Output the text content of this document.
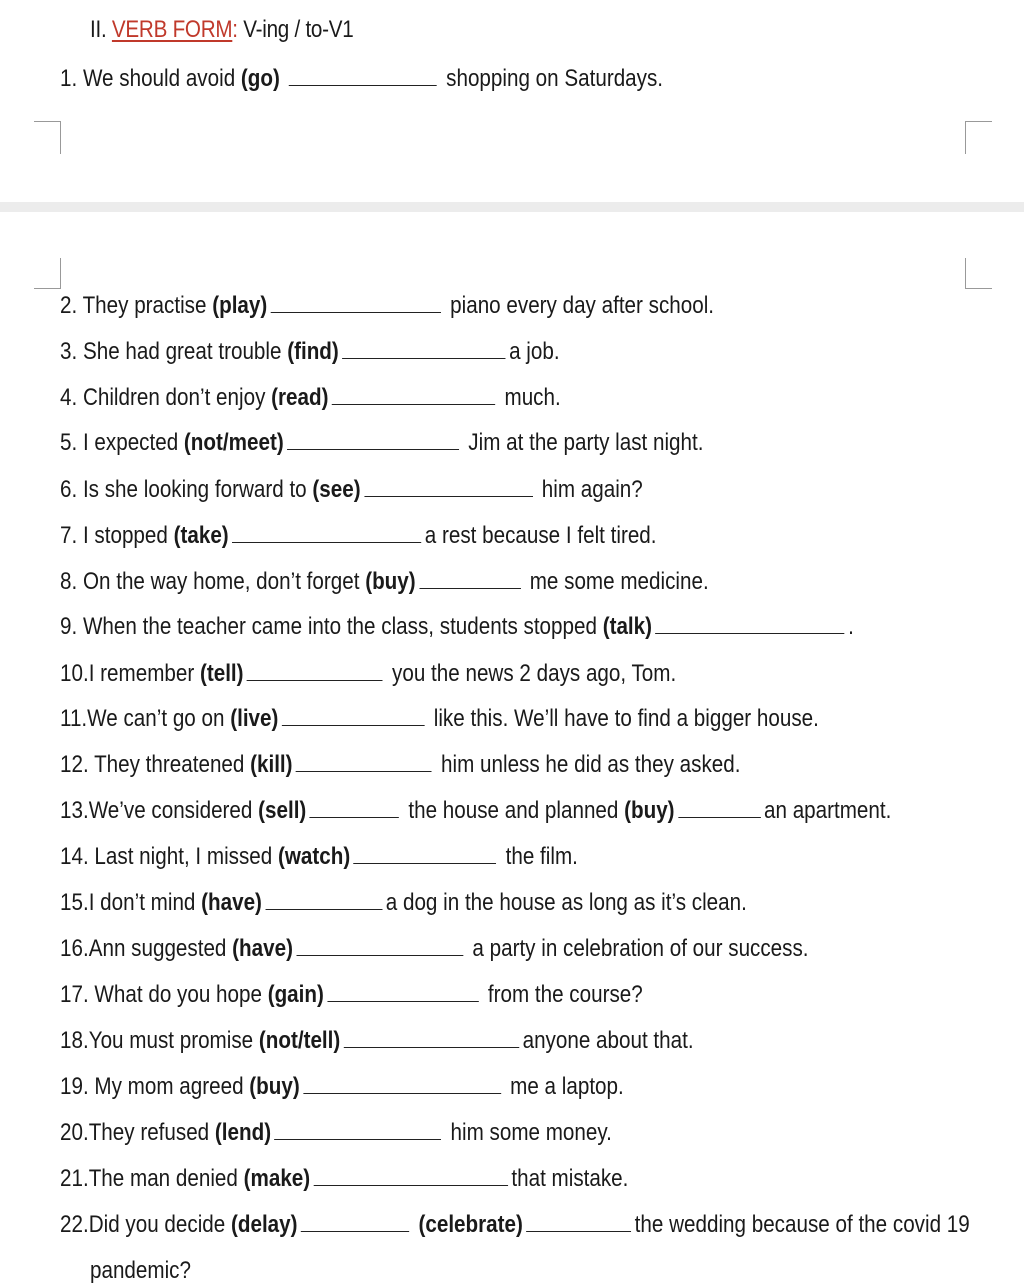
II. VERB FORM: V-ing / to-V1
1. We should avoid (go)	shopping on Saturdays.
2. They practise (play)	piano every day after school.
3. She had great trouble (find)	a job.
4. Children don’t enjoy (read)	much.
5. I expected (not/meet)	Jim at the party last night.
6. Is she looking forward to (see)	him again?
7. I stopped (take)	a rest because I felt tired.
8. On the way home, don’t forget (buy)	me some medicine.
9. When the teacher came into the class, students stopped (talk)	.
10.I remember (tell)	you the news 2 days ago, Tom.
11.We can’t go on (live)	like this. We’ll have to find a bigger house.
12. They threatened (kill)	him unless he did as they asked.
13.We’ve considered (sell)	the house and planned (buy)	an apartment.
14. Last night, I missed (watch)	the film.
15.I don’t mind (have)	a dog in the house as long as it’s clean.
16.Ann suggested (have)	a party in celebration of our success.
17. What do you hope (gain)	from the course?
18.You must promise (not/tell)	anyone about that.
19. My mom agreed (buy)	me a laptop.
20.They refused (lend)	him some money.
21.The man denied (make)	that mistake.
22.Did you decide (delay)	(celebrate)	the wedding because of the covid 19
pandemic?
